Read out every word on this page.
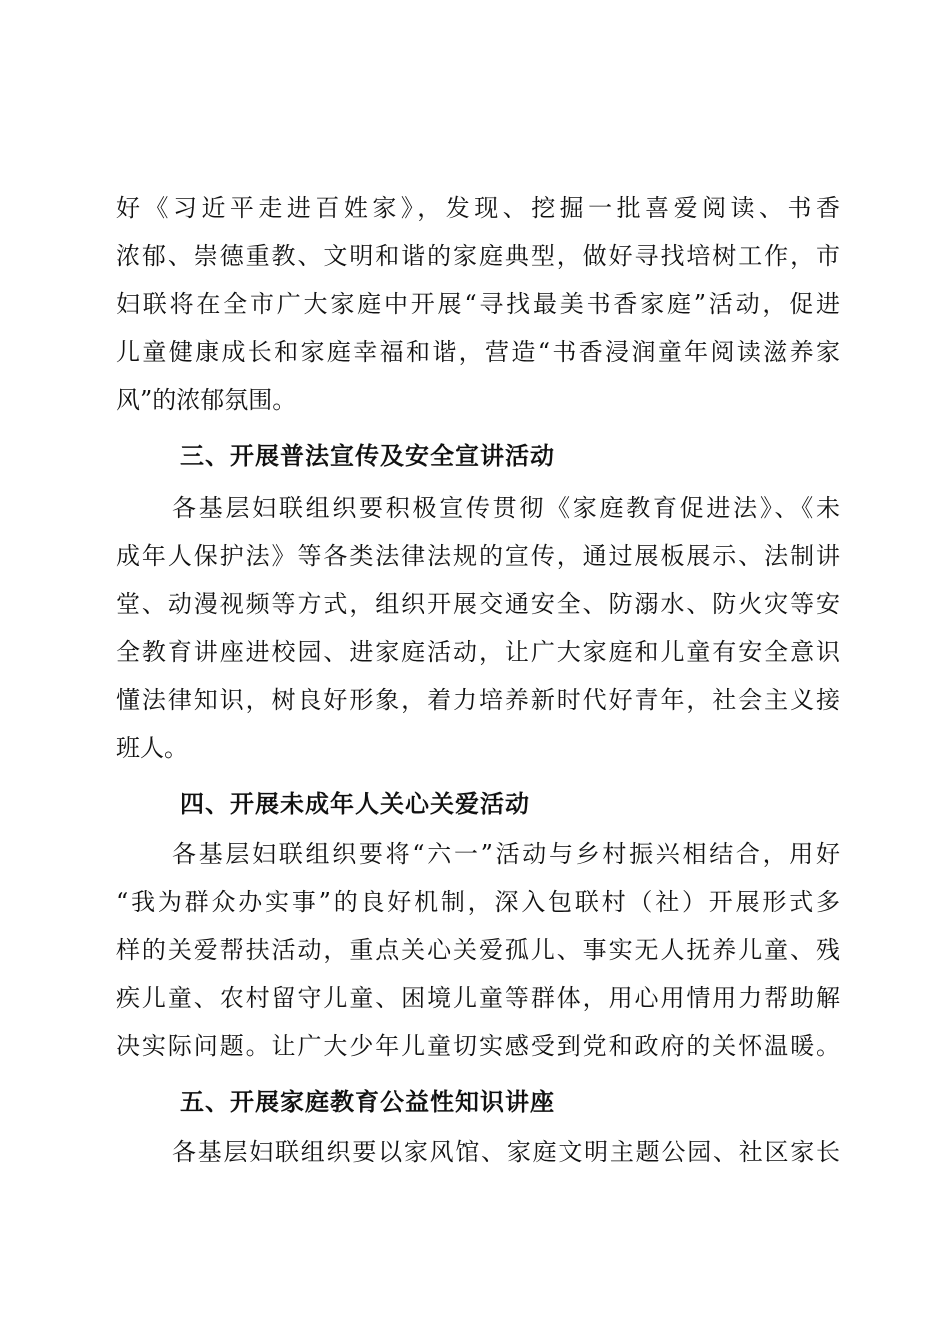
好《习近平走进百姓家》，发现、挖掘一批喜爱阅读、书香
浓郁、崇德重教、文明和谐的家庭典型，做好寻找培树工作，市
妇联将在全市广大家庭中开展“寻找最美书香家庭”活动，促进
儿童健康成长和家庭幸福和谐，营造“书香浸润童年阅读滋养家
风”的浓郁氛围。
三、开展普法宣传及安全宣讲活动
各基层妇联组织要积极宣传贯彻《家庭教育促进法》、《未
成年人保护法》等各类法律法规的宣传，通过展板展示、法制讲
堂、动漫视频等方式，组织开展交通安全、防溺水、防火灾等安
全教育讲座进校园、进家庭活动，让广大家庭和儿童有安全意识
懂法律知识，树良好形象，着力培养新时代好青年，社会主义接
班人。
四、开展未成年人关心关爱活动
各基层妇联组织要将“六一”活动与乡村振兴相结合，用好
“我为群众办实事”的良好机制，深入包联村（社）开展形式多
样的关爱帮扶活动，重点关心关爱孤儿、事实无人抚养儿童、残
疾儿童、农村留守儿童、困境儿童等群体，用心用情用力帮助解
决实际问题。让广大少年儿童切实感受到党和政府的关怀温暖。
五、开展家庭教育公益性知识讲座
各基层妇联组织要以家风馆、家庭文明主题公园、社区家长
